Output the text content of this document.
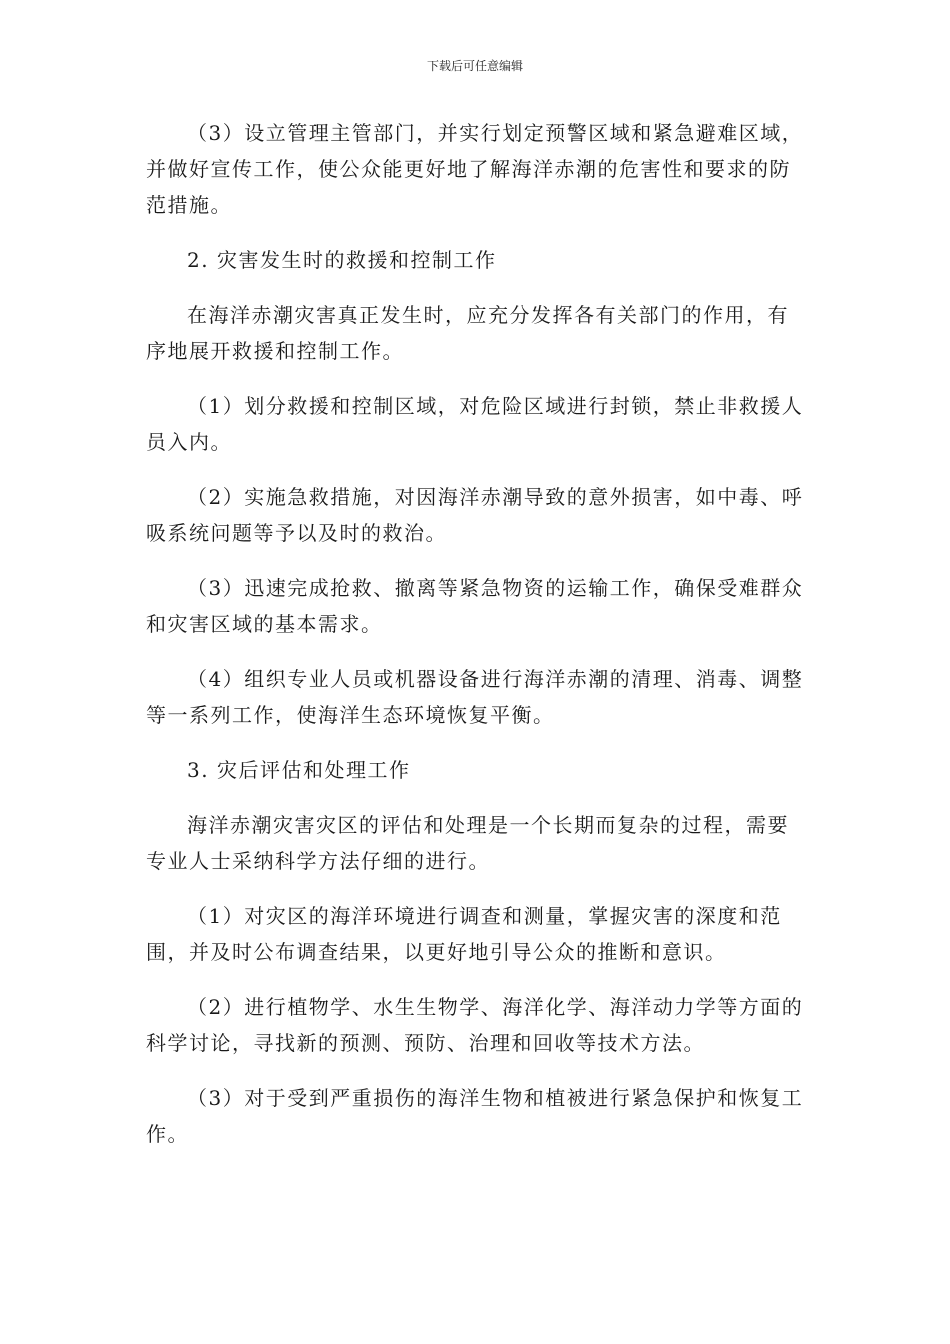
下载后可任意编辑

（3）设立管理主管部门，并实行划定预警区域和紧急避难区域，并做好宣传工作，使公众能更好地了解海洋赤潮的危害性和要求的防范措施。

2. 灾害发生时的救援和控制工作

在海洋赤潮灾害真正发生时，应充分发挥各有关部门的作用，有序地展开救援和控制工作。

（1）划分救援和控制区域，对危险区域进行封锁，禁止非救援人员入内。

（2）实施急救措施，对因海洋赤潮导致的意外损害，如中毒、呼吸系统问题等予以及时的救治。

（3）迅速完成抢救、撤离等紧急物资的运输工作，确保受难群众和灾害区域的基本需求。

（4）组织专业人员或机器设备进行海洋赤潮的清理、消毒、调整等一系列工作，使海洋生态环境恢复平衡。

3. 灾后评估和处理工作

海洋赤潮灾害灾区的评估和处理是一个长期而复杂的过程，需要专业人士采纳科学方法仔细的进行。

（1）对灾区的海洋环境进行调查和测量，掌握灾害的深度和范围，并及时公布调查结果，以更好地引导公众的推断和意识。

（2）进行植物学、水生生物学、海洋化学、海洋动力学等方面的科学讨论，寻找新的预测、预防、治理和回收等技术方法。

（3）对于受到严重损伤的海洋生物和植被进行紧急保护和恢复工作。
